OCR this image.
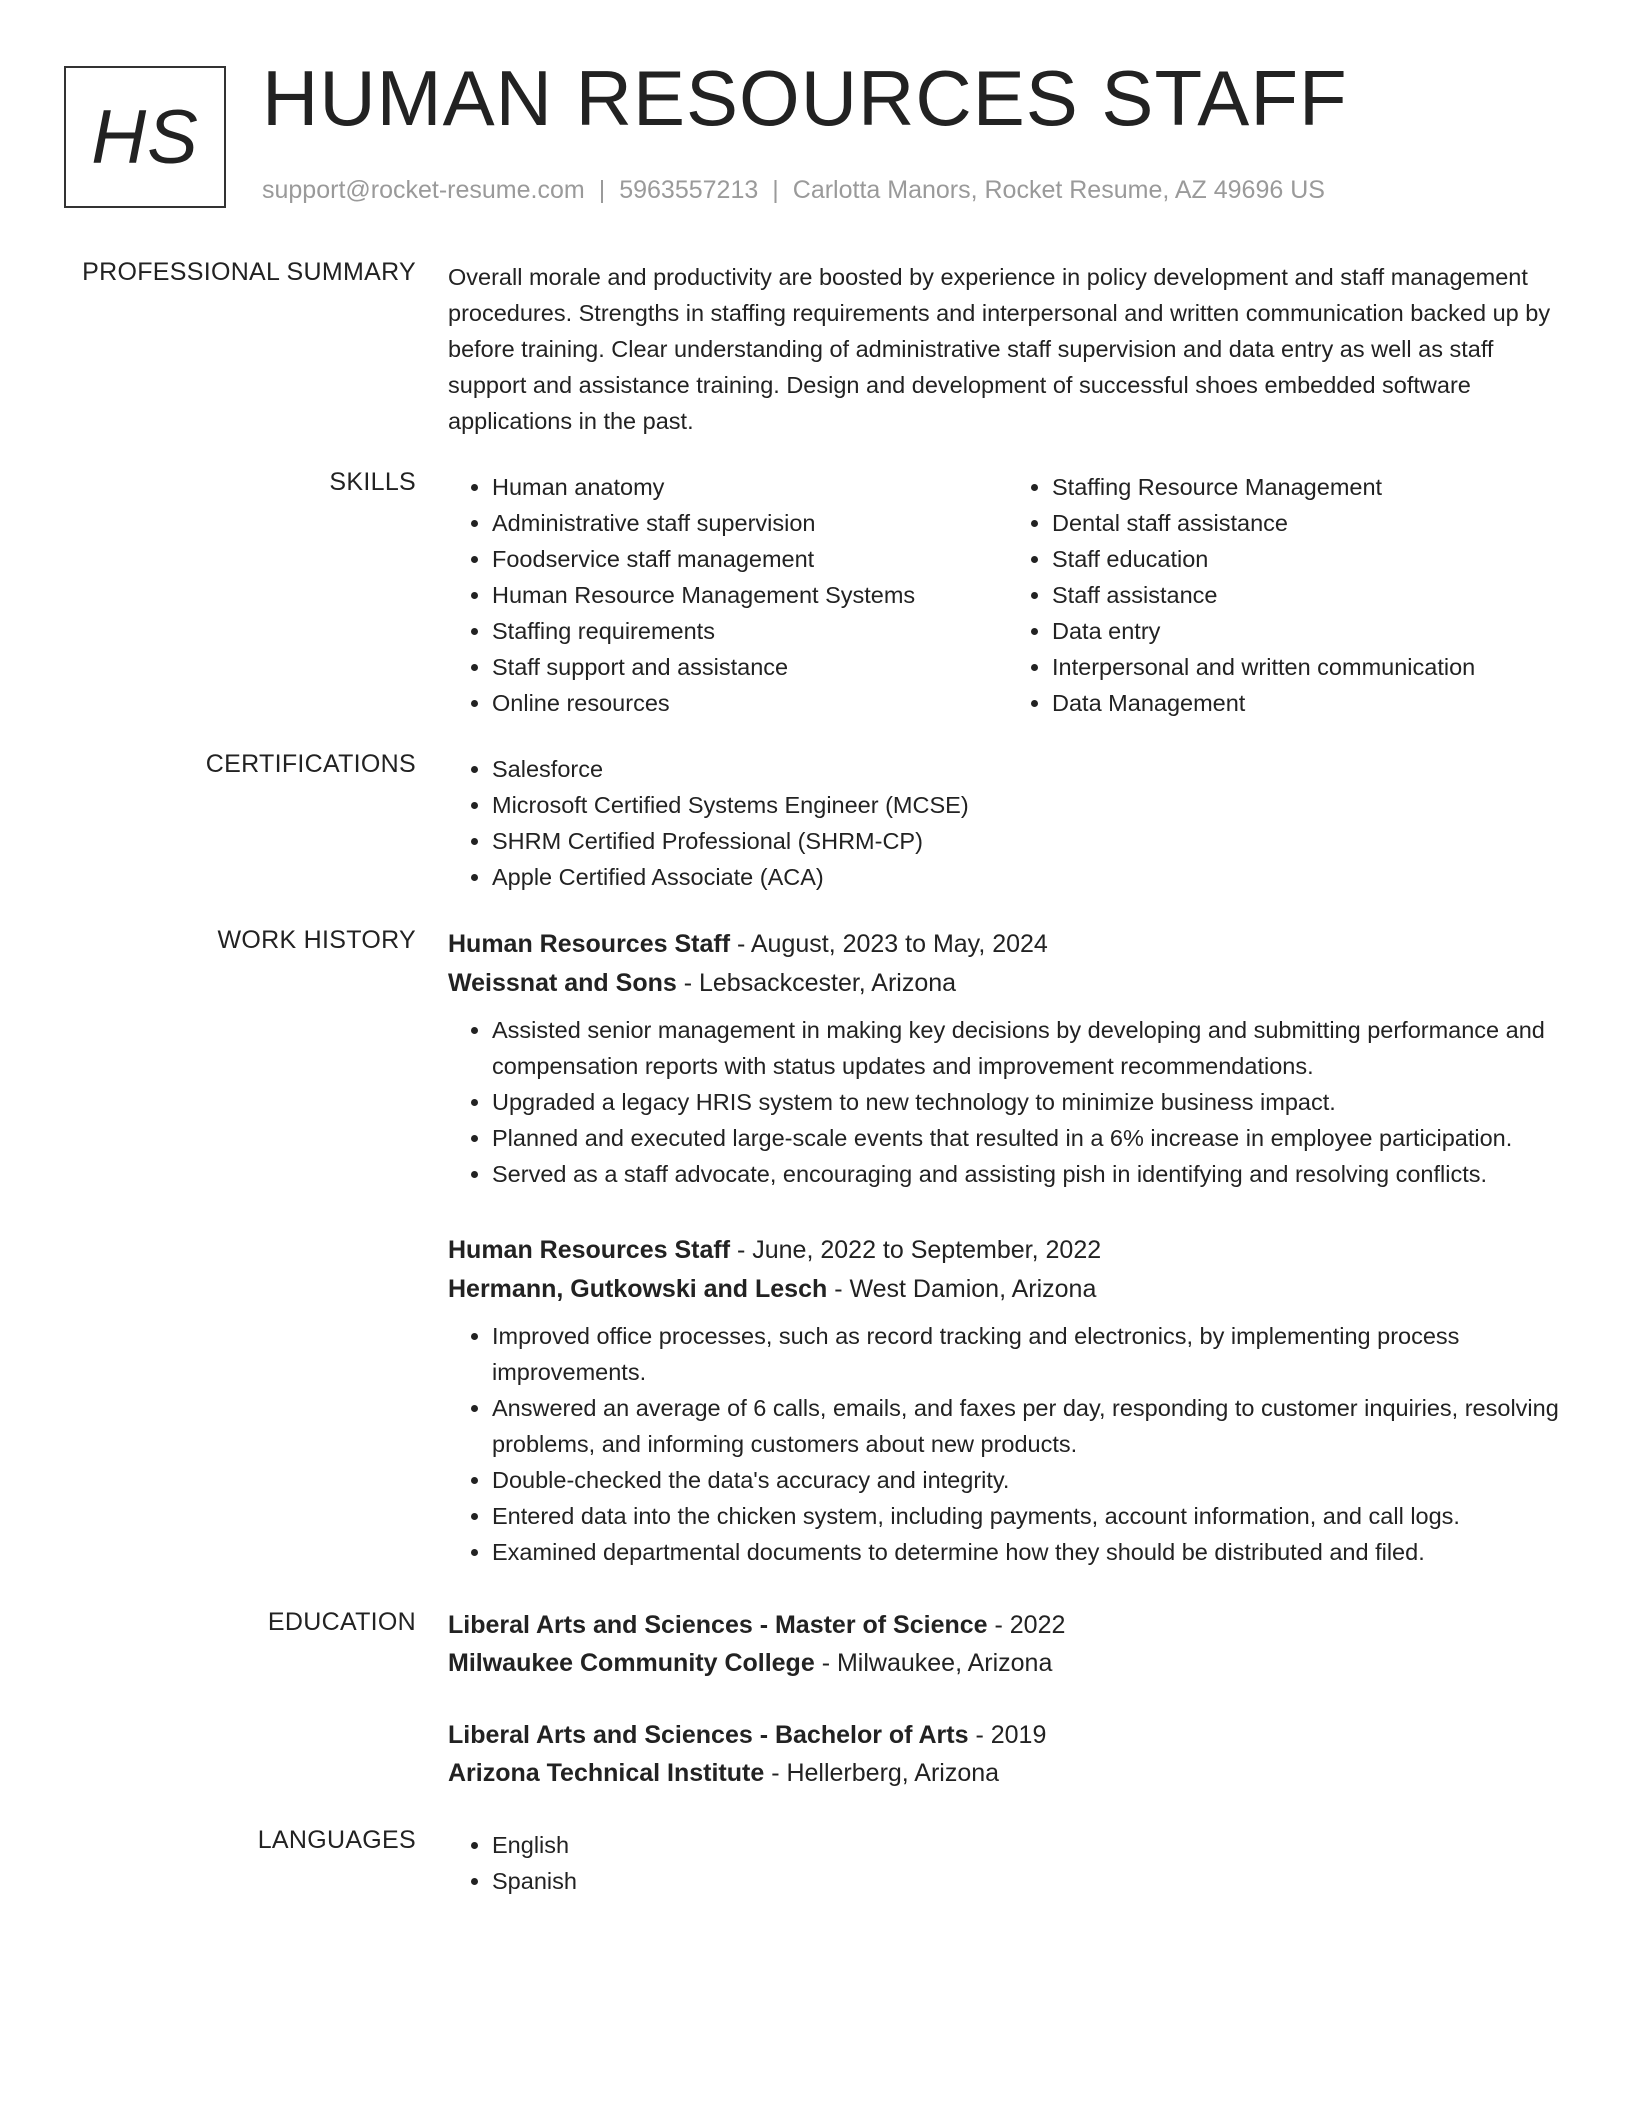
HS HUMAN RESOURCES STAFF
support@rocket-resume.com | 5963557213 | Carlotta Manors, Rocket Resume, AZ 49696 US
PROFESSIONAL SUMMARY Overall morale and productivity are boosted by experience in policy development and staff management procedures. Strengths in staffing requirements and interpersonal and written communication backed up by before training. Clear understanding of administrative staff supervision and data entry as well as staff support and assistance training. Design and development of successful shoes embedded software applications in the past.

SKILLS	• Human anatomy
• Administrative staff supervision
• Foodservice staff management
• Human Resource Management Systems
• Staffing requirements
• Staff support and assistance
• Online resources
• Staffing Resource Management
• Dental staff assistance
• Staff education
• Staff assistance
• Data entry
• Interpersonal and written communication
• Data Management
CERTIFICATIONS	• Salesforce
• Microsoft Certified Systems Engineer (MCSE)
• SHRM Certified Professional (SHRM-CP)
• Apple Certified Associate (ACA)
WORK HISTORY Human Resources Staff - August, 2023 to May, 2024
Weissnat and Sons - Lebsackcester, Arizona
• Assisted senior management in making key decisions by developing and submitting performance and compensation reports with status updates and improvement recommendations.
• Upgraded a legacy HRIS system to new technology to minimize business impact.
• Planned and executed large-scale events that resulted in a 6% increase in employee participation.
• Served as a staff advocate, encouraging and assisting pish in identifying and resolving conflicts.
Human Resources Staff - June, 2022 to September, 2022
Hermann, Gutkowski and Lesch - West Damion, Arizona
• Improved office processes, such as record tracking and electronics, by implementing process improvements.
• Answered an average of 6 calls, emails, and faxes per day, responding to customer inquiries, resolving problems, and informing customers about new products.
• Double-checked the data's accuracy and integrity.
• Entered data into the chicken system, including payments, account information, and call logs.
• Examined departmental documents to determine how they should be distributed and filed.
EDUCATION Liberal Arts and Sciences - Master of Science - 2022
Milwaukee Community College - Milwaukee, Arizona
Liberal Arts and Sciences - Bachelor of Arts - 2019
Arizona Technical Institute - Hellerberg, Arizona
LANGUAGES	• English
• Spanish
